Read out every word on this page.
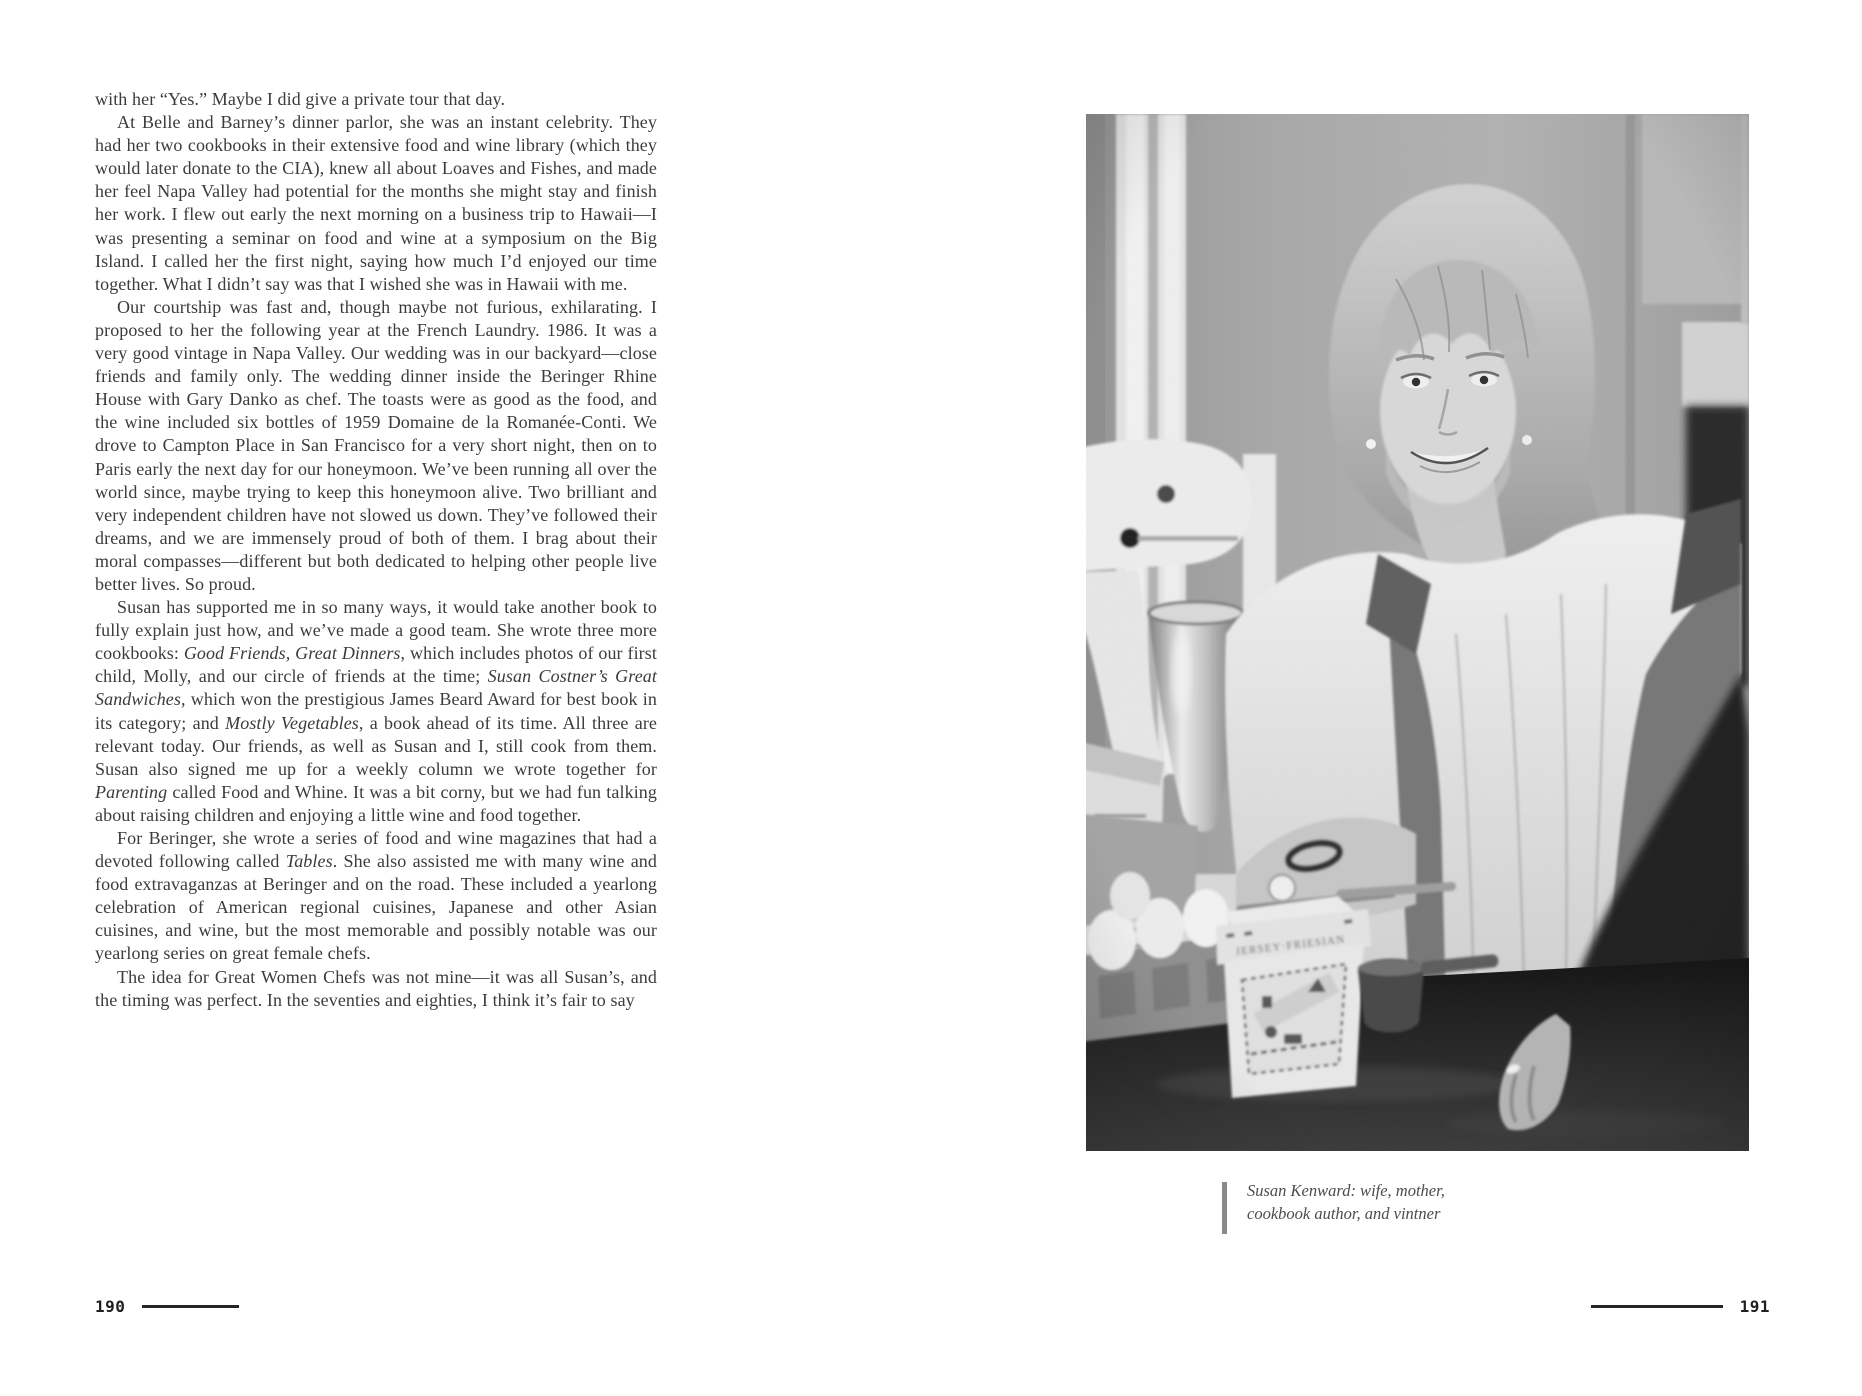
with her “Yes.” Maybe I did give a private tour that day.

At Belle and Barney’s dinner parlor, she was an instant celebrity. They had her two cookbooks in their extensive food and wine library (which they would later donate to the CIA), knew all about Loaves and Fishes, and made her feel Napa Valley had potential for the months she might stay and finish her work. I flew out early the next morning on a business trip to Hawaii—I was presenting a seminar on food and wine at a symposium on the Big Island. I called her the first night, saying how much I’d enjoyed our time together. What I didn’t say was that I wished she was in Hawaii with me.

Our courtship was fast and, though maybe not furious, exhilarating. I proposed to her the following year at the French Laundry. 1986. It was a very good vintage in Napa Valley. Our wedding was in our backyard—close friends and family only. The wedding dinner inside the Beringer Rhine House with Gary Danko as chef. The toasts were as good as the food, and the wine included six bottles of 1959 Domaine de la Romanée-Conti. We drove to Campton Place in San Francisco for a very short night, then on to Paris early the next day for our honeymoon. We’ve been running all over the world since, maybe trying to keep this honeymoon alive. Two brilliant and very independent children have not slowed us down. They’ve followed their dreams, and we are immensely proud of both of them. I brag about their moral compasses—different but both dedicated to helping other people live better lives. So proud.

Susan has supported me in so many ways, it would take another book to fully explain just how, and we’ve made a good team. She wrote three more cookbooks: Good Friends, Great Dinners, which includes photos of our first child, Molly, and our circle of friends at the time; Susan Costner’s Great Sandwiches, which won the prestigious James Beard Award for best book in its category; and Mostly Vegetables, a book ahead of its time. All three are relevant today. Our friends, as well as Susan and I, still cook from them. Susan also signed me up for a weekly column we wrote together for Parenting called Food and Whine. It was a bit corny, but we had fun talking about raising children and enjoying a little wine and food together.

For Beringer, she wrote a series of food and wine magazines that had a devoted following called Tables. She also assisted me with many wine and food extravaganzas at Beringer and on the road. These included a yearlong celebration of American regional cuisines, Japanese and other Asian cuisines, and wine, but the most memorable and possibly notable was our yearlong series on great female chefs.

The idea for Great Women Chefs was not mine—it was all Susan’s, and the timing was perfect. In the seventies and eighties, I think it’s fair to say

190
Susan Kenward: wife, mother,
cookbook author, and vintner
191
